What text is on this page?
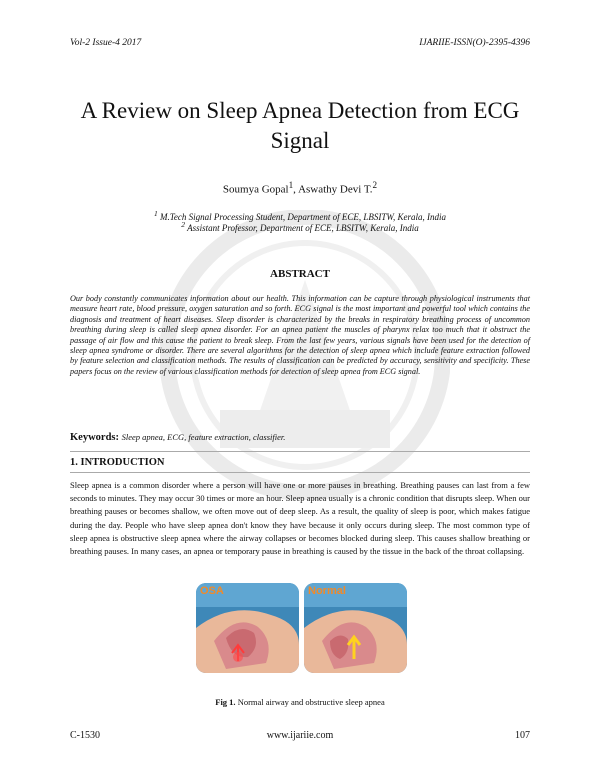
Vol-2 Issue-4 2017	IJARIIE-ISSN(O)-2395-4396
A Review on Sleep Apnea Detection from ECG Signal
Soumya Gopal$^1$, Aswathy Devi T.$^2$
$^1$ M.Tech Signal Processing Student, Department of ECE, LBSITW, Kerala, India
$^2$ Assistant Professor, Department of ECE, LBSITW, Kerala, India
ABSTRACT
Our body constantly communicates information about our health. This information can be capture through physiological instruments that measure heart rate, blood pressure, oxygen saturation and so forth. ECG signal is the most important and powerful tool which contains the diagnosis and treatment of heart diseases. Sleep disorder is characterized by the breaks in respiratory breathing process of uncommon breathing during sleep is called sleep apnea disorder. For an apnea patient the muscles of pharynx relax too much that it obstruct the passage of air flow and this cause the patient to break sleep. From the last few years, various signals have been used for the detection of sleep apnea syndrome or disorder. There are several algorithms for the detection of sleep apnea which include feature extraction followed by feature selection and classification methods. The results of classification can be predicted by accuracy, sensitivity and specificity. These papers focus on the review of various classification methods for detection of sleep apnea from ECG signal.
Keywords: Sleep apnea, ECG, feature extraction, classifier.
1. INTRODUCTION
Sleep apnea is a common disorder where a person will have one or more pauses in breathing. Breathing pauses can last from a few seconds to minutes. They may occur 30 times or more an hour. Sleep apnea usually is a chronic condition that disrupts sleep. When our breathing pauses or becomes shallow, we often move out of deep sleep. As a result, the quality of sleep is poor, which makes fatigue during the day. People who have sleep apnea don't know they have because it only occurs during sleep. The most common type of sleep apnea is obstructive sleep apnea where the airway collapses or becomes blocked during sleep. This causes shallow breathing or breathing pauses. In many cases, an apnea or temporary pause in breathing is caused by the tissue in the back of the throat collapsing.
OSA	Normal
Fig 1. Normal airway and obstructive sleep apnea
C-1530	www.ijariie.com	107
